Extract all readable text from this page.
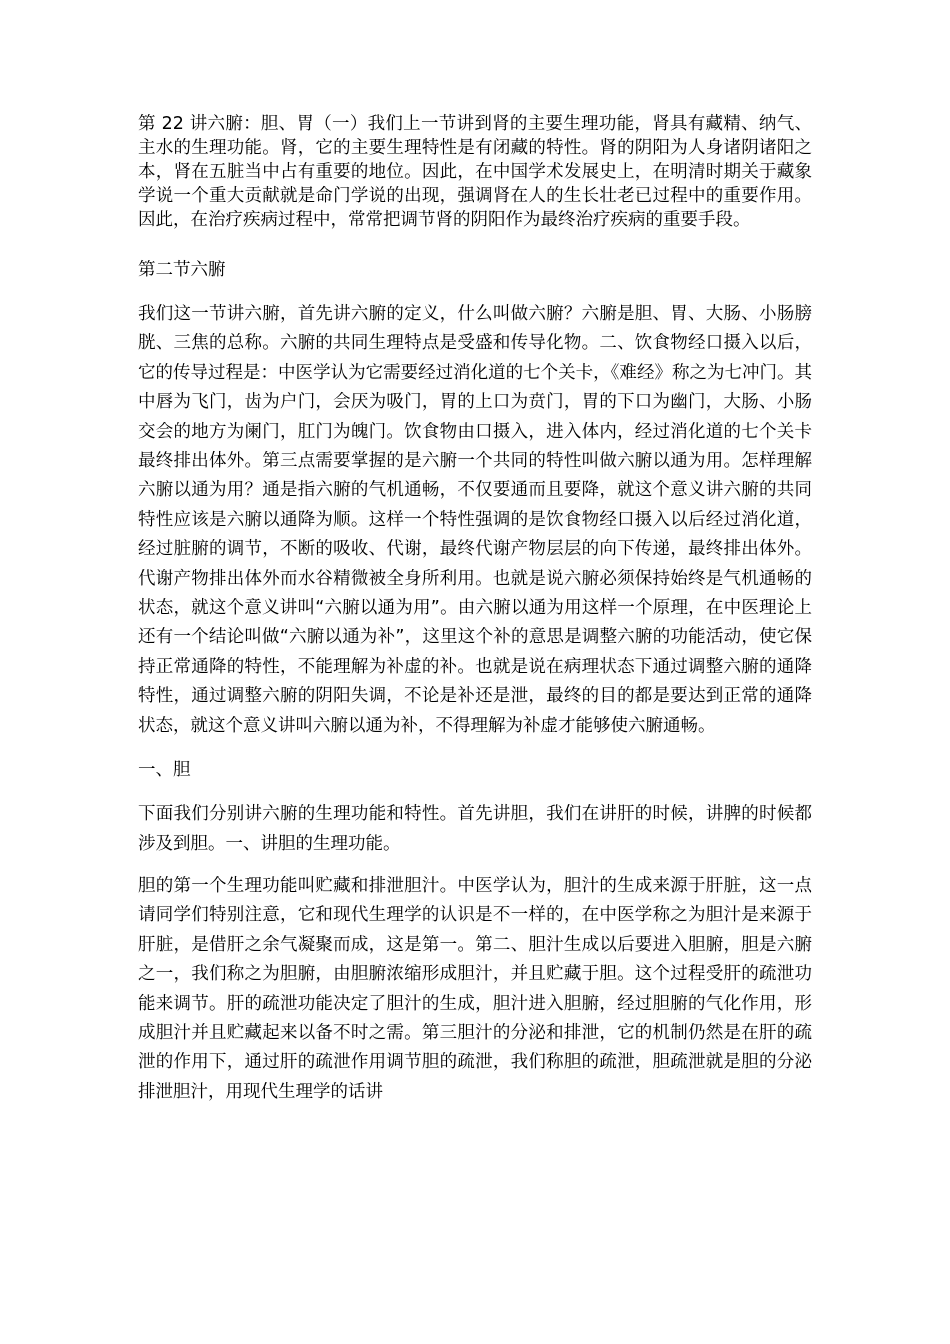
第 22 讲六腑：胆、胃（一）我们上一节讲到肾的主要生理功能，肾具有藏精、纳气、主水的生理功能。肾，它的主要生理特性是有闭藏的特性。肾的阴阳为人身诸阴诸阳之本，肾在五脏当中占有重要的地位。因此，在中国学术发展史上，在明清时期关于藏象学说一个重大贡献就是命门学说的出现，强调肾在人的生长壮老已过程中的重要作用。因此，在治疗疾病过程中，常常把调节肾的阴阳作为最终治疗疾病的重要手段。

第二节六腑

我们这一节讲六腑，首先讲六腑的定义，什么叫做六腑？六腑是胆、胃、大肠、小肠膀胱、三焦的总称。六腑的共同生理特点是受盛和传导化物。二、饮食物经口摄入以后，它的传导过程是：中医学认为它需要经过消化道的七个关卡，《难经》称之为七冲门。其中唇为飞门，齿为户门，会厌为吸门，胃的上口为贲门，胃的下口为幽门，大肠、小肠交会的地方为阑门，肛门为魄门。饮食物由口摄入，进入体内，经过消化道的七个关卡最终排出体外。第三点需要掌握的是六腑一个共同的特性叫做六腑以通为用。怎样理解六腑以通为用？通是指六腑的气机通畅，不仅要通而且要降，就这个意义讲六腑的共同特性应该是六腑以通降为顺。这样一个特性强调的是饮食物经口摄入以后经过消化道，经过脏腑的调节，不断的吸收、代谢，最终代谢产物层层的向下传递，最终排出体外。代谢产物排出体外而水谷精微被全身所利用。也就是说六腑必须保持始终是气机通畅的状态，就这个意义讲叫“六腑以通为用”。由六腑以通为用这样一个原理，在中医理论上还有一个结论叫做“六腑以通为补”，这里这个补的意思是调整六腑的功能活动，使它保持正常通降的特性，不能理解为补虚的补。也就是说在病理状态下通过调整六腑的通降特性，通过调整六腑的阴阳失调，不论是补还是泄，最终的目的都是要达到正常的通降状态，就这个意义讲叫六腑以通为补，不得理解为补虚才能够使六腑通畅。

一、胆

下面我们分别讲六腑的生理功能和特性。首先讲胆，我们在讲肝的时候，讲脾的时候都涉及到胆。一、讲胆的生理功能。

胆的第一个生理功能叫贮藏和排泄胆汁。中医学认为，胆汁的生成来源于肝脏，这一点请同学们特别注意，它和现代生理学的认识是不一样的，在中医学称之为胆汁是来源于肝脏，是借肝之余气凝聚而成，这是第一。第二、胆汁生成以后要进入胆腑，胆是六腑之一，我们称之为胆腑，由胆腑浓缩形成胆汁，并且贮藏于胆。这个过程受肝的疏泄功能来调节。肝的疏泄功能决定了胆汁的生成，胆汁进入胆腑，经过胆腑的气化作用，形成胆汁并且贮藏起来以备不时之需。第三胆汁的分泌和排泄，它的机制仍然是在肝的疏泄的作用下，通过肝的疏泄作用调节胆的疏泄，我们称胆的疏泄，胆疏泄就是胆的分泌排泄胆汁，用现代生理学的话讲
